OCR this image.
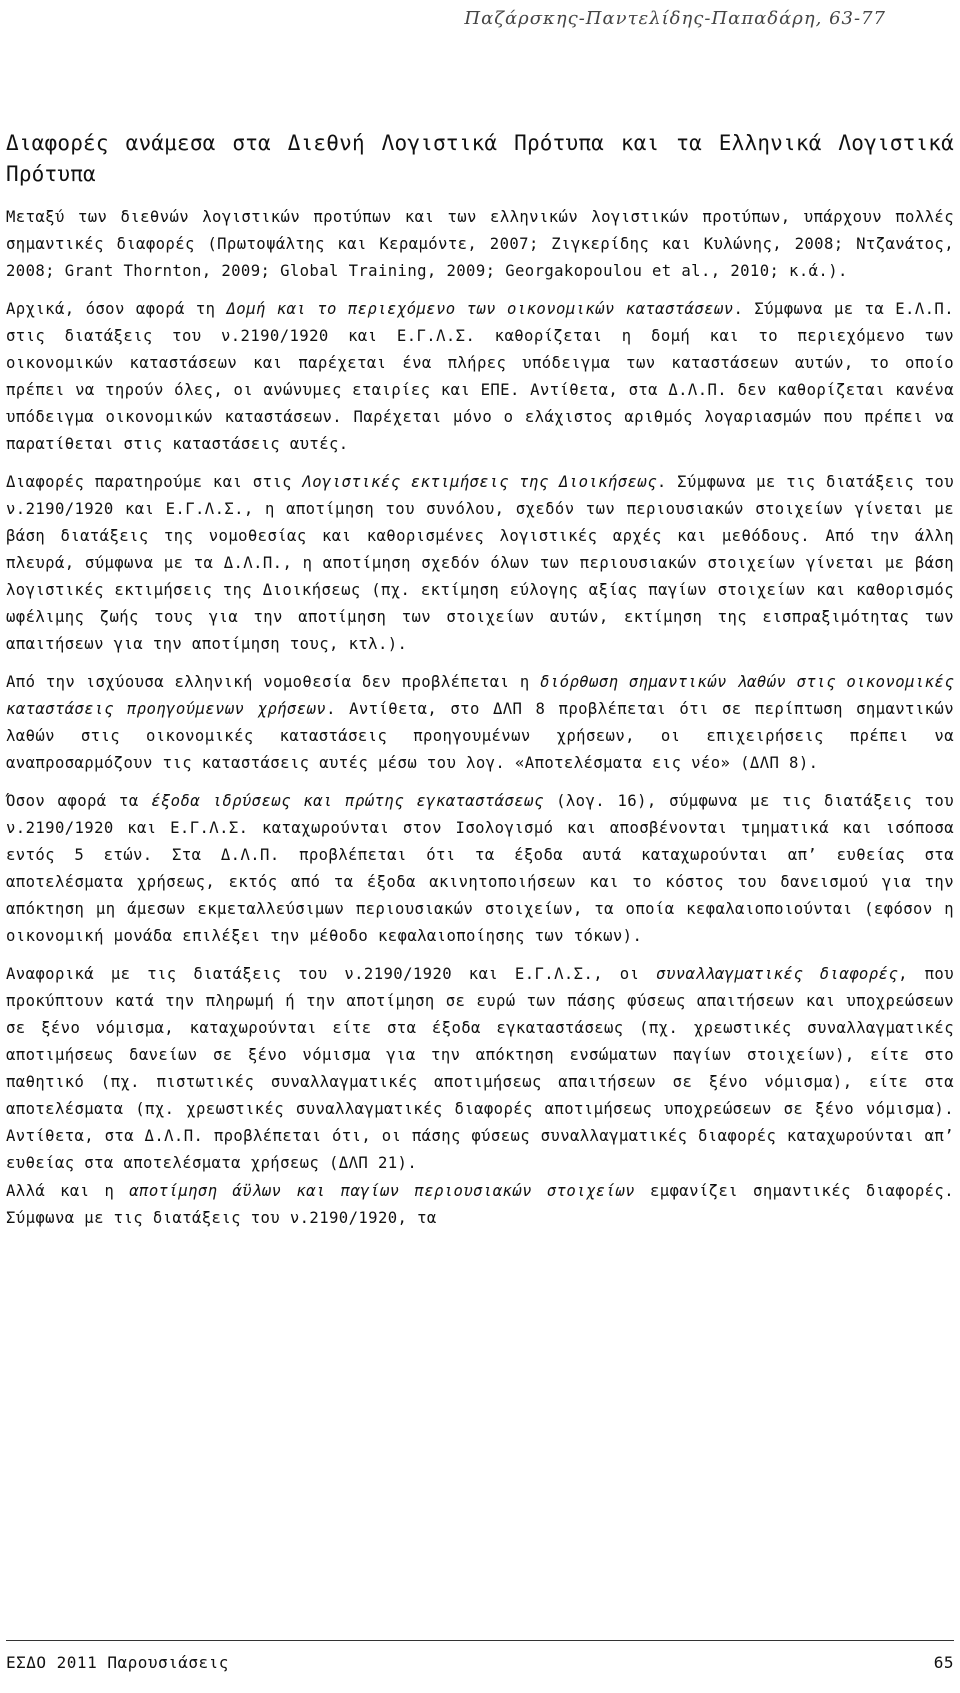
Παζάρσκης-Παντελίδης-Παπαδάρη, 63-77
Διαφορές ανάμεσα στα Διεθνή Λογιστικά Πρότυπα και τα Ελληνικά Λογιστικά Πρότυπα

Μεταξύ των διεθνών λογιστικών προτύπων και των ελληνικών λογιστικών προτύπων, υπάρχουν πολλές σημαντικές διαφορές (Πρωτοψάλτης και Κεραμόντε, 2007; Ζιγκερίδης και Κυλώνης, 2008; Ντζανάτος, 2008; Grant Thornton, 2009; Global Training, 2009; Georgakopoulou et al., 2010; κ.ά.).

Αρχικά, όσον αφορά τη Δομή και το περιεχόμενο των οικονομικών καταστάσεων. Σύμφωνα με τα Ε.Λ.Π. στις διατάξεις του ν.2190/1920 και Ε.Γ.Λ.Σ. καθορίζεται η δομή και το περιεχόμενο των οικονομικών καταστάσεων και παρέχεται ένα πλήρες υπόδειγμα των καταστάσεων αυτών, το οποίο πρέπει να τηρούν όλες, οι ανώνυμες εταιρίες και ΕΠΕ. Αντίθετα, στα Δ.Λ.Π. δεν καθορίζεται κανένα υπόδειγμα οικονομικών καταστάσεων. Παρέχεται μόνο ο ελάχιστος αριθμός λογαριασμών που πρέπει να παρατίθεται στις καταστάσεις αυτές.

Διαφορές παρατηρούμε και στις Λογιστικές εκτιμήσεις της Διοικήσεως. Σύμφωνα με τις διατάξεις του ν.2190/1920 και Ε.Γ.Λ.Σ., η αποτίμηση του συνόλου, σχεδόν των περιουσιακών στοιχείων γίνεται με βάση διατάξεις της νομοθεσίας και καθορισμένες λογιστικές αρχές και μεθόδους. Από την άλλη πλευρά, σύμφωνα με τα Δ.Λ.Π., η αποτίμηση σχεδόν όλων των περιουσιακών στοιχείων γίνεται με βάση λογιστικές εκτιμήσεις της Διοικήσεως (πχ. εκτίμηση εύλογης αξίας παγίων στοιχείων και καθορισμός ωφέλιμης ζωής τους για την αποτίμηση των στοιχείων αυτών, εκτίμηση της εισπραξιμότητας των απαιτήσεων για την αποτίμηση τους, κτλ.).

Από την ισχύουσα ελληνική νομοθεσία δεν προβλέπεται η διόρθωση σημαντικών λαθών στις οικονομικές καταστάσεις προηγούμενων χρήσεων. Αντίθετα, στο ΔΛΠ 8 προβλέπεται ότι σε περίπτωση σημαντικών λαθών στις οικονομικές καταστάσεις προηγουμένων χρήσεων, οι επιχειρήσεις πρέπει να αναπροσαρμόζουν τις καταστάσεις αυτές μέσω του λογ. «Αποτελέσματα εις νέο» (ΔΛΠ 8).

Όσον αφορά τα έξοδα ιδρύσεως και πρώτης εγκαταστάσεως (λογ. 16), σύμφωνα με τις διατάξεις του ν.2190/1920 και Ε.Γ.Λ.Σ. καταχωρούνται στον Ισολογισμό και αποσβένονται τμηματικά και ισόποσα εντός 5 ετών. Στα Δ.Λ.Π. προβλέπεται ότι τα έξοδα αυτά καταχωρούνται απ’ ευθείας στα αποτελέσματα χρήσεως, εκτός από τα έξοδα ακινητοποιήσεων και το κόστος του δανεισμού για την απόκτηση μη άμεσων εκμεταλλεύσιμων περιουσιακών στοιχείων, τα οποία κεφαλαιοποιούνται (εφόσον η οικονομική μονάδα επιλέξει την μέθοδο κεφαλαιοποίησης των τόκων).

Αναφορικά με τις διατάξεις του ν.2190/1920 και Ε.Γ.Λ.Σ., οι συναλλαγματικές διαφορές, που προκύπτουν κατά την πληρωμή ή την αποτίμηση σε ευρώ των πάσης φύσεως απαιτήσεων και υποχρεώσεων σε ξένο νόμισμα, καταχωρούνται είτε στα έξοδα εγκαταστάσεως (πχ. χρεωστικές συναλλαγματικές αποτιμήσεως δανείων σε ξένο νόμισμα για την απόκτηση ενσώματων παγίων στοιχείων), είτε στο παθητικό (πχ. πιστωτικές συναλλαγματικές αποτιμήσεως απαιτήσεων σε ξένο νόμισμα), είτε στα αποτελέσματα (πχ. χρεωστικές συναλλαγματικές διαφορές αποτιμήσεως υποχρεώσεων σε ξένο νόμισμα). Αντίθετα, στα Δ.Λ.Π. προβλέπεται ότι, οι πάσης φύσεως συναλλαγματικές διαφορές καταχωρούνται απ’ ευθείας στα αποτελέσματα χρήσεως (ΔΛΠ 21).

Αλλά και η αποτίμηση άϋλων και παγίων περιουσιακών στοιχείων εμφανίζει σημαντικές διαφορές. Σύμφωνα με τις διατάξεις του ν.2190/1920, τα

ΕΣΔΟ 2011 Παρουσιάσεις	65
